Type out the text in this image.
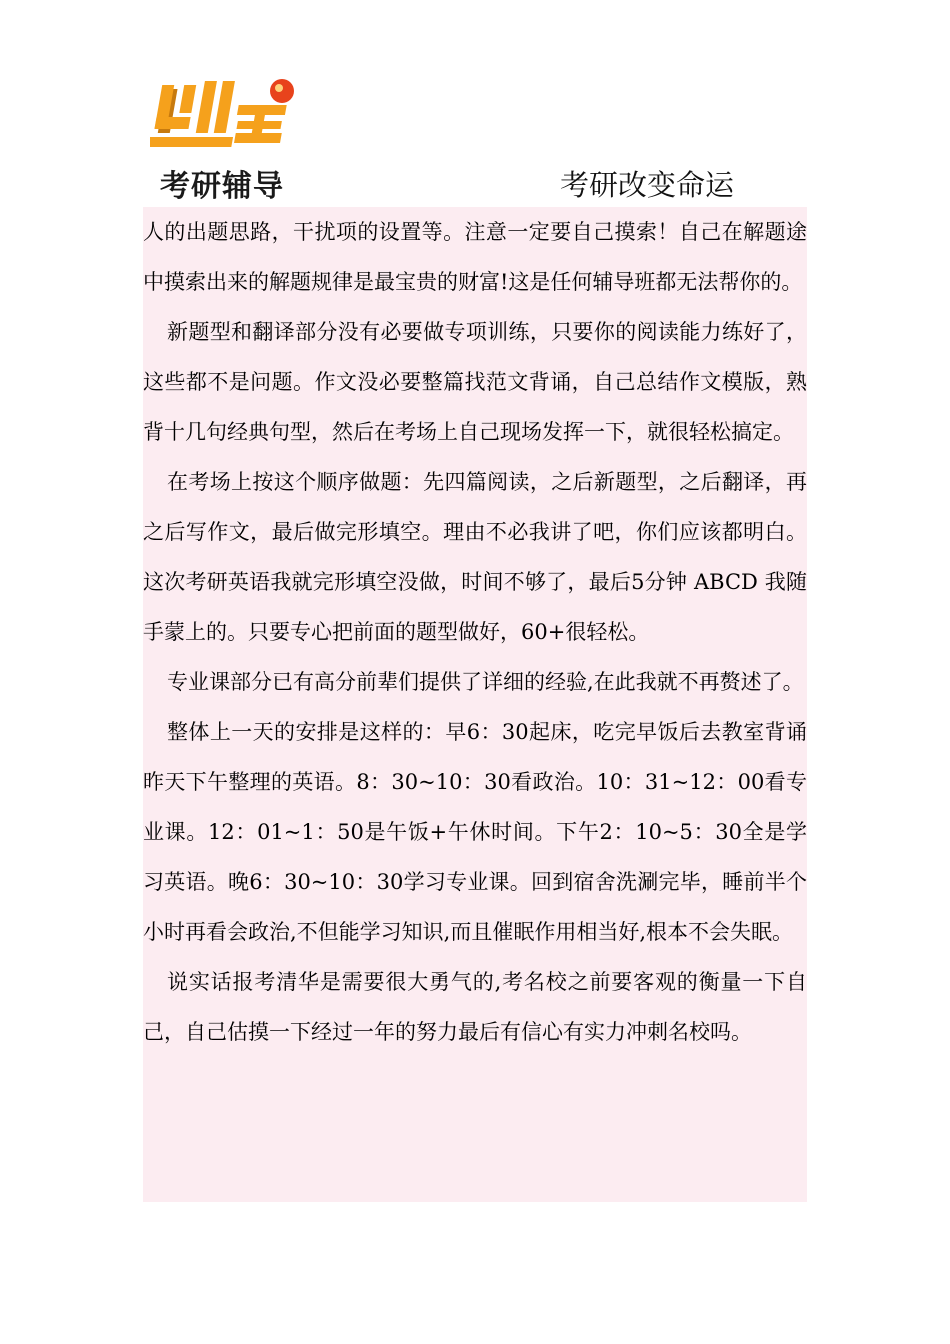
考研辅导	考研改变命运

人的出题思路，干扰项的设置等。注意一定要自己摸索！自己在解题途中摸索出来的解题规律是最宝贵的财富!这是任何辅导班都无法帮你的。

新题型和翻译部分没有必要做专项训练，只要你的阅读能力练好了，这些都不是问题。作文没必要整篇找范文背诵，自己总结作文模版，熟背十几句经典句型，然后在考场上自己现场发挥一下，就很轻松搞定。

在考场上按这个顺序做题：先四篇阅读，之后新题型，之后翻译，再之后写作文，最后做完形填空。理由不必我讲了吧，你们应该都明白。这次考研英语我就完形填空没做，时间不够了，最后5分钟 ABCD 我随手蒙上的。只要专心把前面的题型做好，60+很轻松。

专业课部分已有高分前辈们提供了详细的经验,在此我就不再赘述了。

整体上一天的安排是这样的：早6：30起床，吃完早饭后去教室背诵昨天下午整理的英语。8：30~10：30看政治。10：31~12：00看专业课。12：01~1：50是午饭+午休时间。下午2：10~5：30全是学习英语。晚6：30~10：30学习专业课。回到宿舍洗涮完毕，睡前半个小时再看会政治,不但能学习知识,而且催眠作用相当好,根本不会失眠。

说实话报考清华是需要很大勇气的,考名校之前要客观的衡量一下自己，自己估摸一下经过一年的努力最后有信心有实力冲刺名校吗。
